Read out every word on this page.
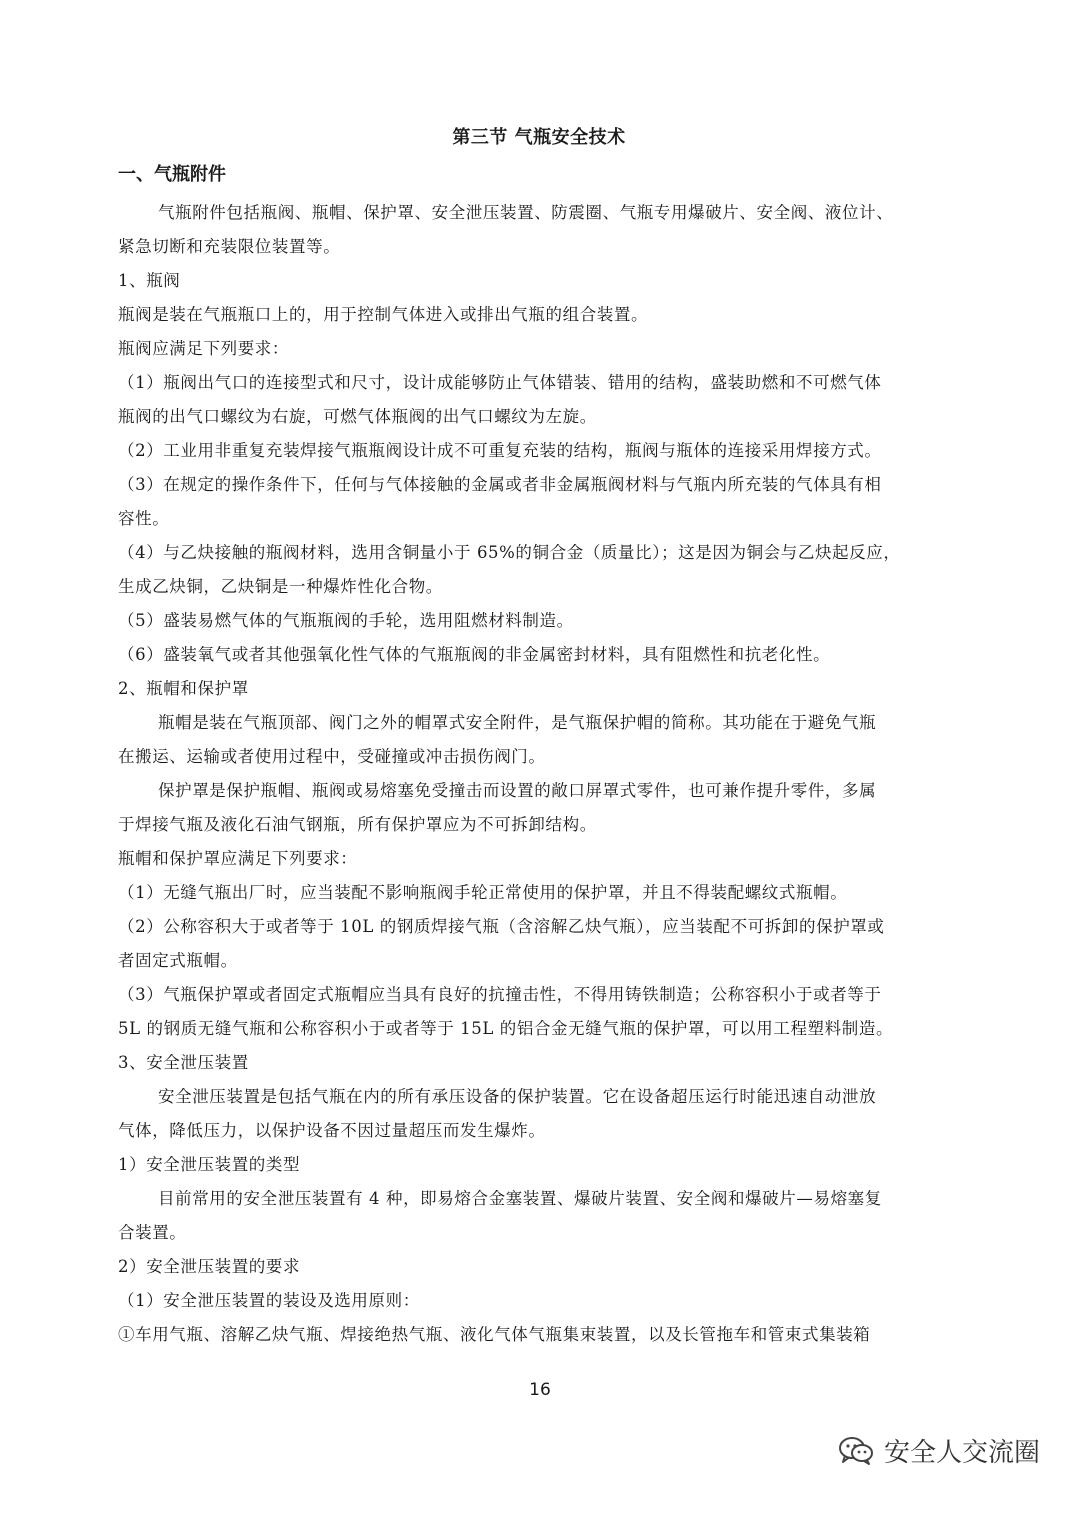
第三节 气瓶安全技术
一、气瓶附件

气瓶附件包括瓶阀、瓶帽、保护罩、安全泄压装置、防震圈、气瓶专用爆破片、安全阀、液位计、

紧急切断和充装限位装置等。

1、瓶阀

瓶阀是装在气瓶瓶口上的，用于控制气体进入或排出气瓶的组合装置。

瓶阀应满足下列要求：

（1）瓶阀出气口的连接型式和尺寸，设计成能够防止气体错装、错用的结构，盛装助燃和不可燃气体

瓶阀的出气口螺纹为右旋，可燃气体瓶阀的出气口螺纹为左旋。

（2）工业用非重复充装焊接气瓶瓶阀设计成不可重复充装的结构，瓶阀与瓶体的连接采用焊接方式。

（3）在规定的操作条件下，任何与气体接触的金属或者非金属瓶阀材料与气瓶内所充装的气体具有相

容性。

（4）与乙炔接触的瓶阀材料，选用含铜量小于 65%的铜合金（质量比）；这是因为铜会与乙炔起反应，

生成乙炔铜，乙炔铜是一种爆炸性化合物。

（5）盛装易燃气体的气瓶瓶阀的手轮，选用阻燃材料制造。

（6）盛装氧气或者其他强氧化性气体的气瓶瓶阀的非金属密封材料，具有阻燃性和抗老化性。

2、瓶帽和保护罩

瓶帽是装在气瓶顶部、阀门之外的帽罩式安全附件，是气瓶保护帽的简称。其功能在于避免气瓶

在搬运、运输或者使用过程中，受碰撞或冲击损伤阀门。

保护罩是保护瓶帽、瓶阀或易熔塞免受撞击而设置的敞口屏罩式零件，也可兼作提升零件，多属

于焊接气瓶及液化石油气钢瓶，所有保护罩应为不可拆卸结构。

瓶帽和保护罩应满足下列要求：

（1）无缝气瓶出厂时，应当装配不影响瓶阀手轮正常使用的保护罩，并且不得装配螺纹式瓶帽。

（2）公称容积大于或者等于 10L 的钢质焊接气瓶（含溶解乙炔气瓶），应当装配不可拆卸的保护罩或

者固定式瓶帽。

（3）气瓶保护罩或者固定式瓶帽应当具有良好的抗撞击性，不得用铸铁制造；公称容积小于或者等于

5L 的钢质无缝气瓶和公称容积小于或者等于 15L 的铝合金无缝气瓶的保护罩，可以用工程塑料制造。

3、安全泄压装置

安全泄压装置是包括气瓶在内的所有承压设备的保护装置。它在设备超压运行时能迅速自动泄放

气体，降低压力，以保护设备不因过量超压而发生爆炸。

1）安全泄压装置的类型

目前常用的安全泄压装置有 4 种，即易熔合金塞装置、爆破片装置、安全阀和爆破片—易熔塞复

合装置。

2）安全泄压装置的要求

（1）安全泄压装置的装设及选用原则：

①车用气瓶、溶解乙炔气瓶、焊接绝热气瓶、液化气体气瓶集束装置，以及长管拖车和管束式集装箱

16
安全人交流圈
